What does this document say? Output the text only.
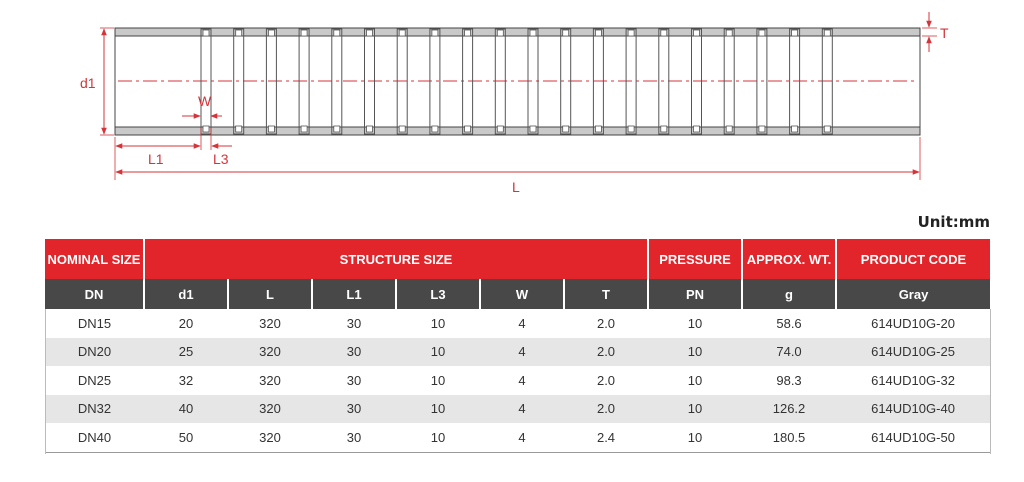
d1
T
W
L1	L3
L
Unit:mm
NOMINAL SIZE	STRUCTURE SIZE						PRESSURE	APPROX. WT.	PRODUCT CODE
DN	d1	L	L1	L3	W	T	PN	g	Gray
DN15	20	320	30	10	4	2.0	10	58.6	614UD10G-20
DN20	25	320	30	10	4	2.0	10	74.0	614UD10G-25
DN25	32	320	30	10	4	2.0	10	98.3	614UD10G-32
DN32	40	320	30	10	4	2.0	10	126.2	614UD10G-40
DN40	50	320	30	10	4	2.4	10	180.5	614UD10G-50
